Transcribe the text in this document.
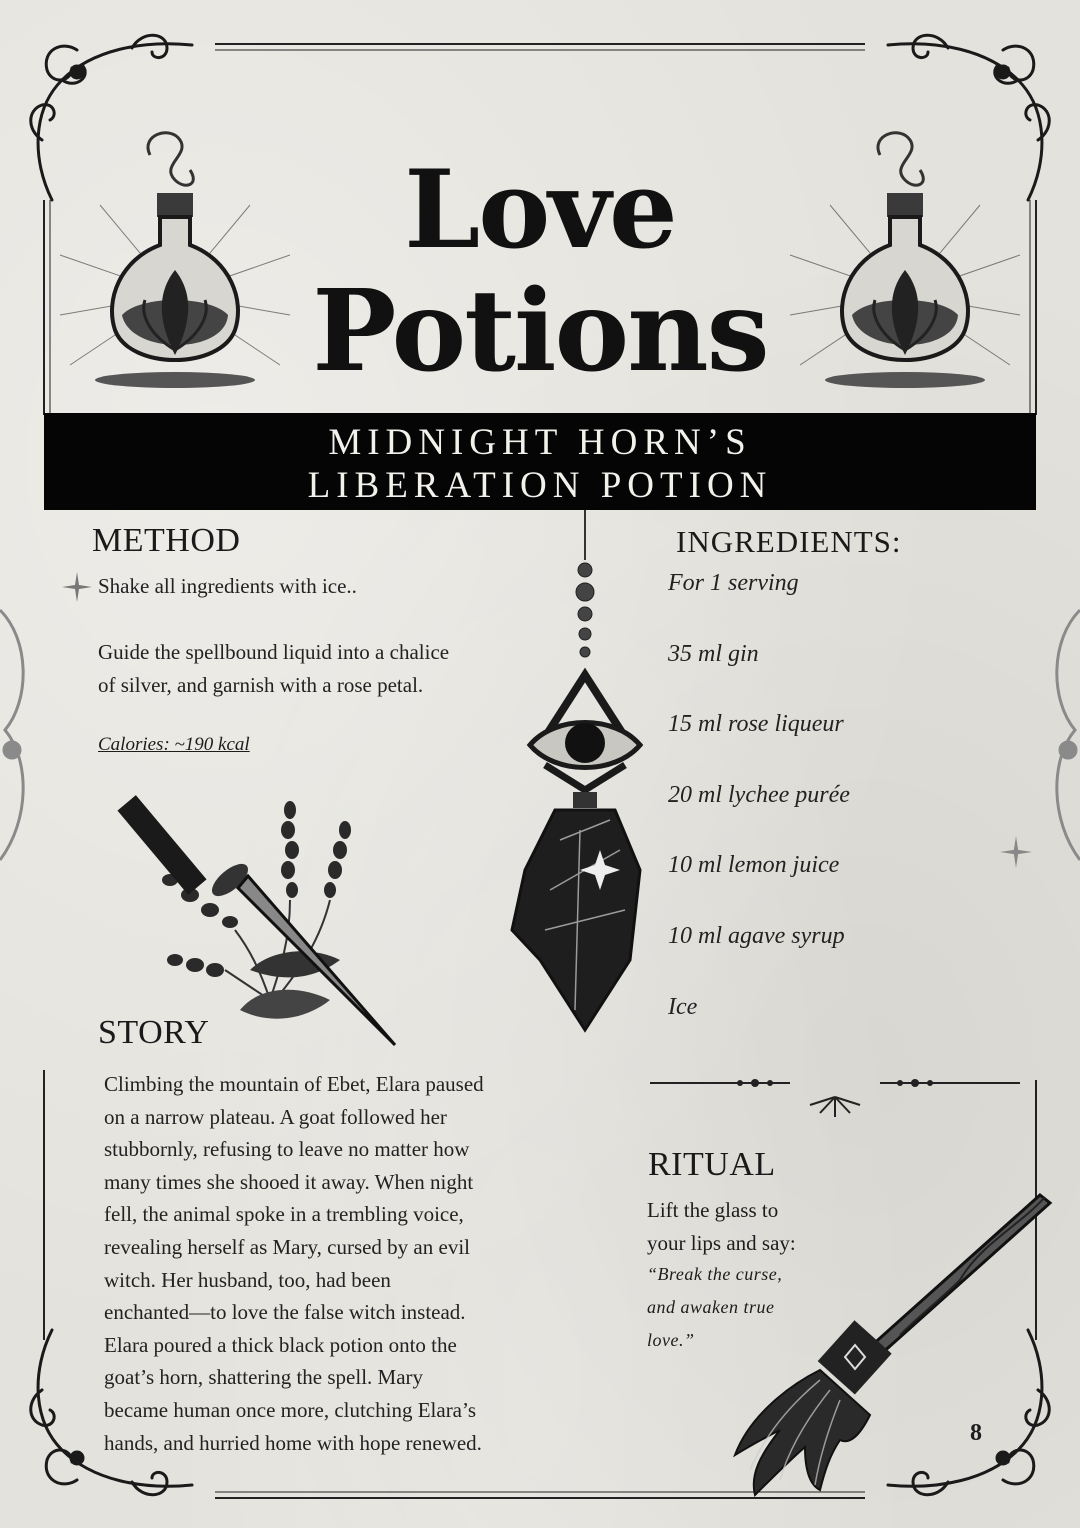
Love
Potions
MIDNIGHT HORN’S
LIBERATION POTION
METHOD
Shake all ingredients with ice..
Guide the spellbound liquid into a chalice
of silver, and garnish with a rose petal.
Calories: ~190 kcal
INGREDIENTS:
For 1 serving
35 ml gin
15 ml rose liqueur
20 ml lychee purée
10 ml lemon juice
10 ml agave syrup
Ice
STORY
Climbing the mountain of Ebet, Elara paused
on a narrow plateau. A goat followed her
stubbornly, refusing to leave no matter how
many times she shooed it away. When night
fell, the animal spoke in a trembling voice,
revealing herself as Mary, cursed by an evil
witch. Her husband, too, had been
enchanted—to love the false witch instead.
Elara poured a thick black potion onto the
goat’s horn, shattering the spell. Mary
became human once more, clutching Elara’s
hands, and hurried home with hope renewed.
RITUAL
Lift the glass to
your lips and say:
“Break the curse,
and awaken true
love.”
8
